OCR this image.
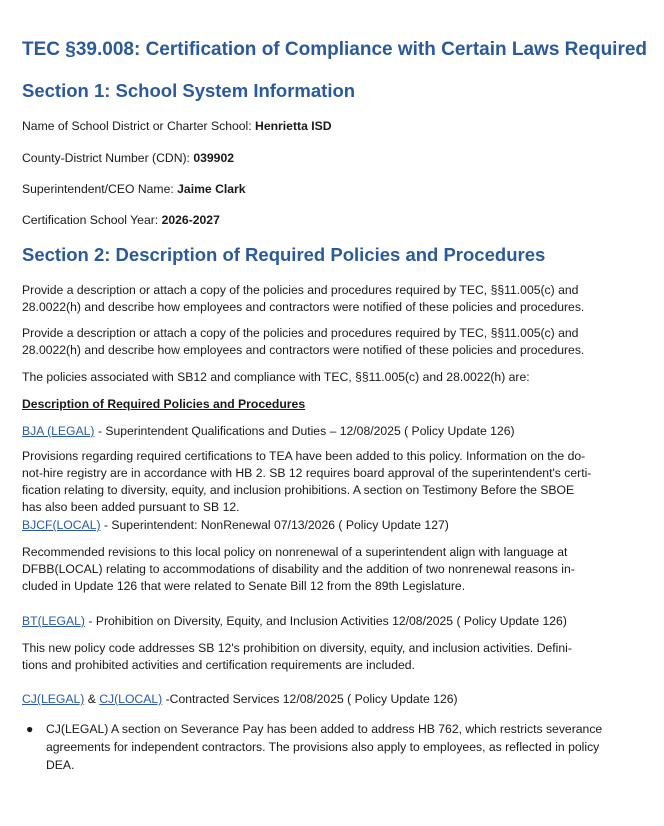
TEC §39.008: Certification of Compliance with Certain Laws Required
Section 1: School System Information

Name of School District or Charter School: Henrietta ISD

County-District Number (CDN): 039902

Superintendent/CEO Name: Jaime Clark

Certification School Year: 2026-2027

Section 2: Description of Required Policies and Procedures

Provide a description or attach a copy of the policies and procedures required by TEC, §§11.005(c) and

28.0022(h) and describe how employees and contractors were notified of these policies and procedures.

Provide a description or attach a copy of the policies and procedures required by TEC, §§11.005(c) and

28.0022(h) and describe how employees and contractors were notified of these policies and procedures.

The policies associated with SB12 and compliance with TEC, §§11.005(c) and 28.0022(h) are:

Description of Required Policies and Procedures

BJA (LEGAL) - Superintendent Qualifications and Duties – 12/08/2025 ( Policy Update 126)

Provisions regarding required certifications to TEA have been added to this policy. Information on the do-

not-hire registry are in accordance with HB 2. SB 12 requires board approval of the superintendent's certi-

fication relating to diversity, equity, and inclusion prohibitions. A section on Testimony Before the SBOE

has also been added pursuant to SB 12.

BJCF(LOCAL) - Superintendent: NonRenewal 07/13/2026 ( Policy Update 127)

Recommended revisions to this local policy on nonrenewal of a superintendent align with language at

DFBB(LOCAL) relating to accommodations of disability and the addition of two nonrenewal reasons in-

cluded in Update 126 that were related to Senate Bill 12 from the 89th Legislature.

BT(LEGAL) - Prohibition on Diversity, Equity, and Inclusion Activities 12/08/2025 ( Policy Update 126)

This new policy code addresses SB 12's prohibition on diversity, equity, and inclusion activities. Defini-

tions and prohibited activities and certification requirements are included.

CJ(LEGAL) & CJ(LOCAL) -Contracted Services 12/08/2025 ( Policy Update 126)

● CJ(LEGAL) A section on Severance Pay has been added to address HB 762, which restricts severance
agreements for independent contractors. The provisions also apply to employees, as reflected in policy
DEA.
